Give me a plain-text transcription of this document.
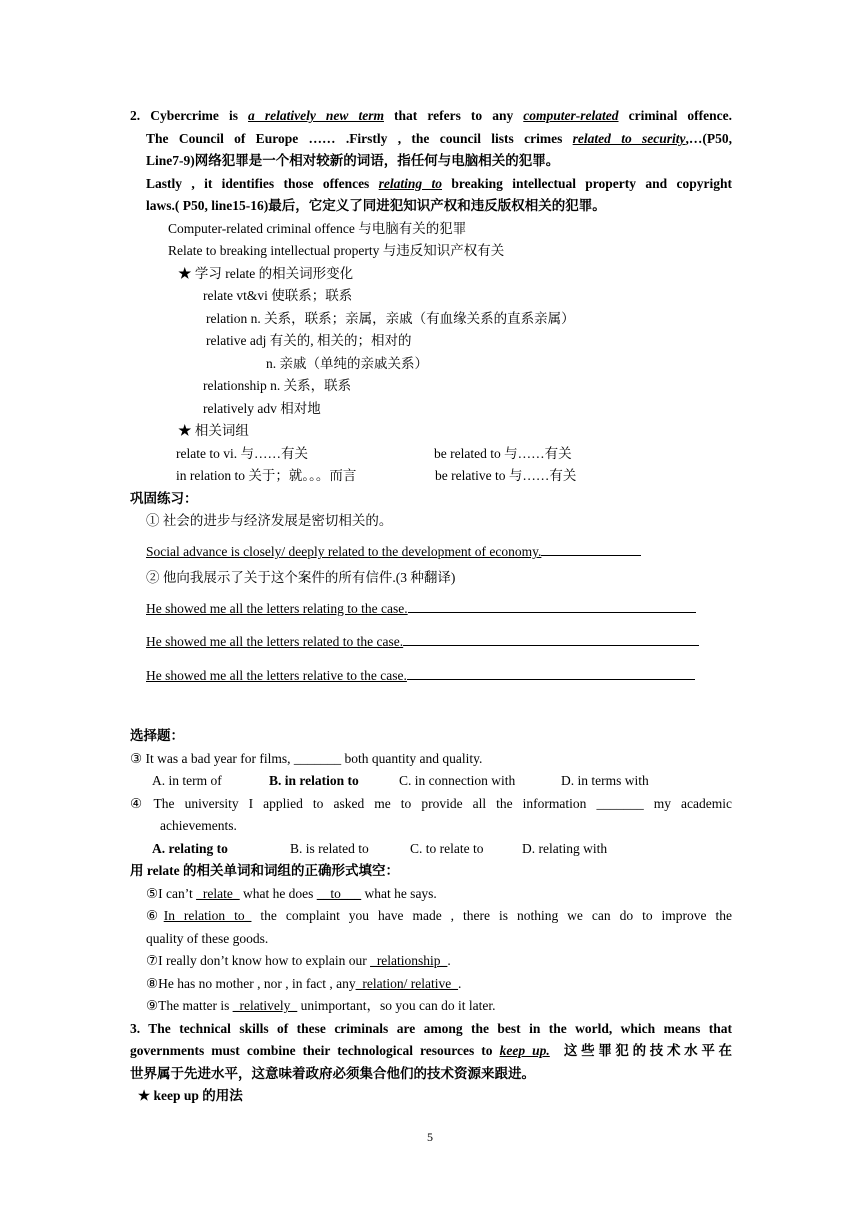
2. Cybercrime is a relatively new term that refers to any computer-related criminal offence.
The Council of Europe …… .Firstly , the council lists crimes related to security,…(P50,
Line7-9)网络犯罪是一个相对较新的词语，指任何与电脑相关的犯罪。
Lastly , it identifies those offences relating to breaking intellectual property and copyright
laws.( P50, line15-16)最后，它定义了同进犯知识产权和违反版权相关的犯罪。
Computer-related criminal offence 与电脑有关的犯罪
Relate to breaking intellectual property 与违反知识产权有关
★ 学习 relate 的相关词形变化
relate vt&vi 使联系；联系
relation n. 关系，联系；亲属，亲戚（有血缘关系的直系亲属）
relative adj 有关的, 相关的；相对的
n. 亲戚（单纯的亲戚关系）
relationship n. 关系，联系
relatively adv 相对地
★ 相关词组
relate to vi. 与……有关	be related to 与……有关
in relation to 关于；就。。。而言	be relative to 与……有关
巩固练习：
① 社会的进步与经济发展是密切相关的。
Social advance is closely/ deeply related to the development of economy.
② 他向我展示了关于这个案件的所有信件.(3 种翻译)
He showed me all the letters relating to the case.
He showed me all the letters related to the case.
He showed me all the letters relative to the case.
选择题：
③ It was a bad year for films, _______ both quantity and quality.
A. in term of	B. in relation to	C. in connection with	D. in terms with
④  The  university  I  applied  to  asked  me  to  provide  all  the  information  _______  my  academic
achievements.
A. relating to	B. is related to	C. to relate to	D. relating with
用 relate 的相关单词和词组的正确形式填空：
⑤I can’t _relate_ what he does __to___ what he says.
⑥In relation to_ the complaint you have made , there is nothing we can do to improve the
quality of these goods.
⑦I really don’t know how to explain our _relationship_.
⑧He has no mother , nor , in fact , any_relation/ relative_.
⑨The matter is _relatively_ unimportant，so you can do it later.
3. The technical skills of these criminals are among the best in the world, which means that
governments must combine their technological resources to keep up.  这些罪犯的技术水平在
世界属于先进水平，这意味着政府必须集合他们的技术资源来跟进。
★ keep up 的用法
5
